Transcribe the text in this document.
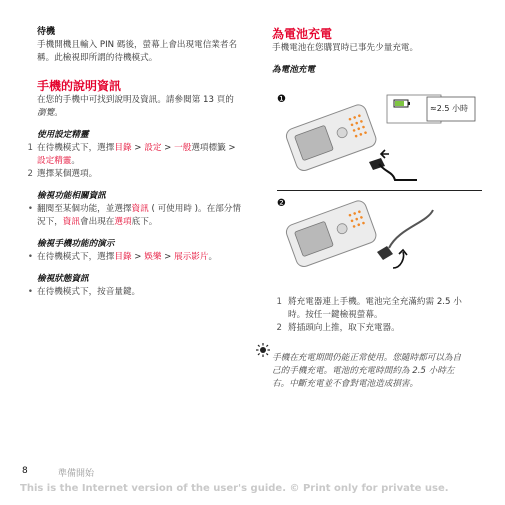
待機

手機開機且輸入 PIN 碼後，螢幕上會出現電信業者名稱。此檢視即所謂的待機模式。

手機的說明資訊

在您的手機中可找到說明及資訊。請參閱第 13 頁的瀏覽。

使用設定精靈

1 在待機模式下，選擇目錄 > 設定 > 一般選項標籤 > 設定精靈。
2 選擇某個選項。

檢視功能相關資訊

• 翻閱至某個功能，並選擇資訊 ( 可使用時 )。在部分情況下，資訊會出現在選項底下。

檢視手機功能的演示

• 在待機模式下，選擇目錄 > 娛樂 > 展示影片。

檢視狀態資訊

• 在待機模式下，按音量鍵。

為電池充電

手機電池在您購買時已事先少量充電。

為電池充電

❶
≈2.5 小時
❷
1 將充電器連上手機。電池完全充滿約需 2.5 小時。按任一鍵檢視螢幕。
2 將插頭向上推，取下充電器。

手機在充電期間仍能正常使用。您隨時都可以為自己的手機充電。電池的充電時間約為 2.5 小時左右。中斷充電並不會對電池造成損害。

8	準備開始
This is the Internet version of the user's guide. © Print only for private use.
